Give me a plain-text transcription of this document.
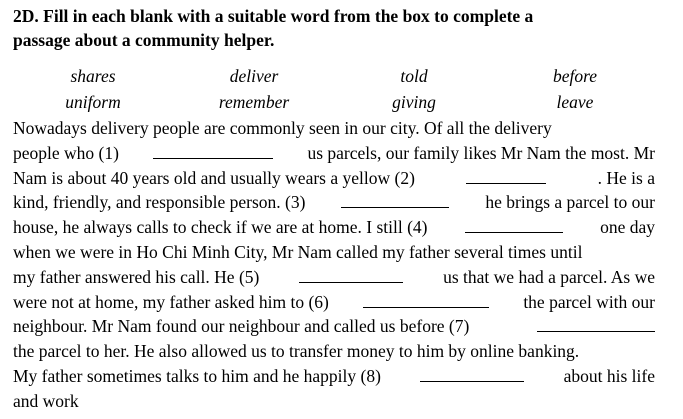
2D. Fill in each blank with a suitable word from the box to complete a
passage about a community helper.
shares	deliver	told	before
uniform	remember	giving	leave
Nowadays delivery people are commonly seen in our city. Of all the delivery
people who (1)	us parcels, our family likes Mr Nam the most. Mr
Nam is about 40 years old and usually wears a yellow (2)	. He is a
kind, friendly, and responsible person. (3)	he brings a parcel to our
house, he always calls to check if we are at home. I still (4)	one day
when we were in Ho Chi Minh City, Mr Nam called my father several times until
my father answered his call. He (5)	us that we had a parcel. As we
were not at home, my father asked him to (6)	the parcel with our
neighbour. Mr Nam found our neighbour and called us before (7)
the parcel to her. He also allowed us to transfer money to him by online banking.
My father sometimes talks to him and he happily (8)	about his life
and work
